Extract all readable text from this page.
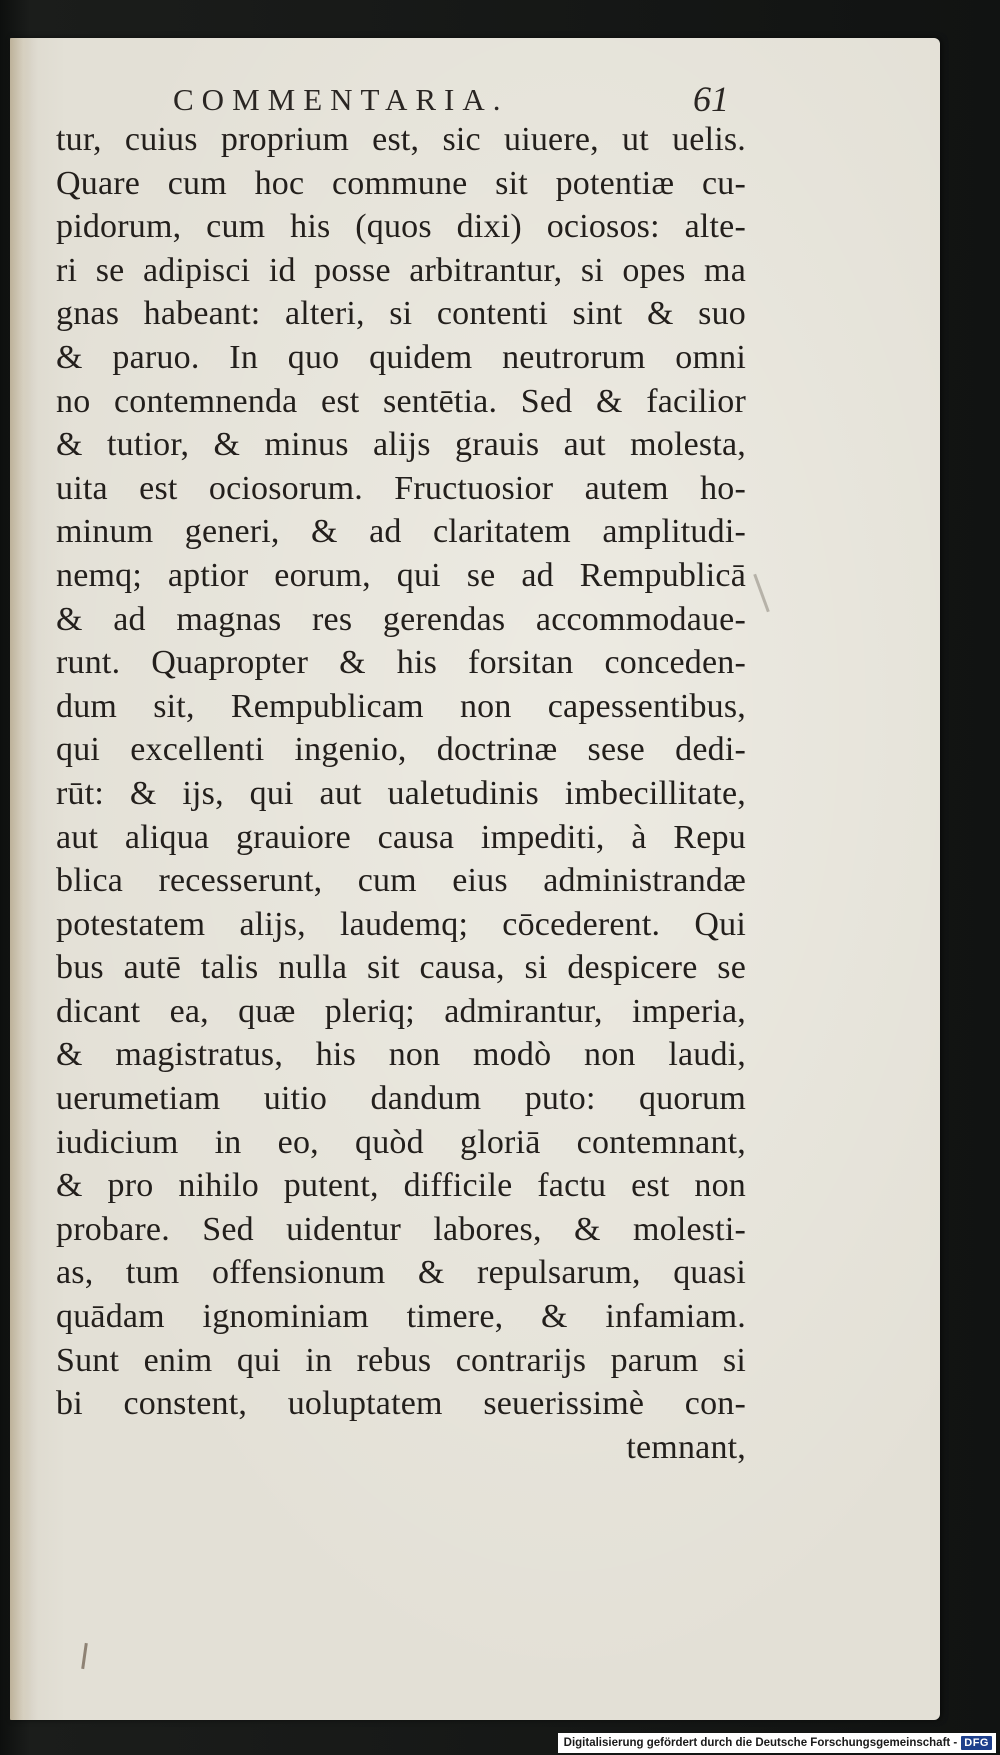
COMMENTARIA.	61
tur, cuius proprium est, sic uiuere, ut uelis.
Quare cum hoc commune sit potentiæ cu-
pidorum, cum his (quos dixi) ociosos: alte-
ri se adipisci id posse arbitrantur, si opes ma
gnas habeant: alteri, si contenti sint & suo
& paruo. In quo quidem neutrorum omni
no contemnenda est sentētia. Sed & facilior
& tutior, & minus alijs grauis aut molesta,
uita est ociosorum. Fructuosior autem ho-
minum generi, & ad claritatem amplitudi-
nemq; aptior eorum, qui se ad Rempublicā
& ad magnas res gerendas accommodaue-
runt. Quapropter & his forsitan conceden-
dum sit, Rempublicam non capessentibus,
qui excellenti ingenio, doctrinæ sese dedi-
rūt: & ijs, qui aut ualetudinis imbecillitate,
aut aliqua grauiore causa impediti, à Repu
blica recesserunt, cum eius administrandæ
potestatem alijs, laudemq; cōcederent. Qui
bus autē talis nulla sit causa, si despicere se
dicant ea, quæ pleriq; admirantur, imperia,
& magistratus, his non modò non laudi,
uerumetiam uitio dandum puto: quorum
iudicium in eo, quòd gloriā contemnant,
& pro nihilo putent, difficile factu est non
probare. Sed uidentur labores, & molesti-
as, tum offensionum & repulsarum, quasi
quādam ignominiam timere, & infamiam.
Sunt enim qui in rebus contrarijs parum si
bi constent, uoluptatem seuerissimè con-
temnant,
Digitalisierung gefördert durch die Deutsche Forschungsgemeinschaft - DFG
